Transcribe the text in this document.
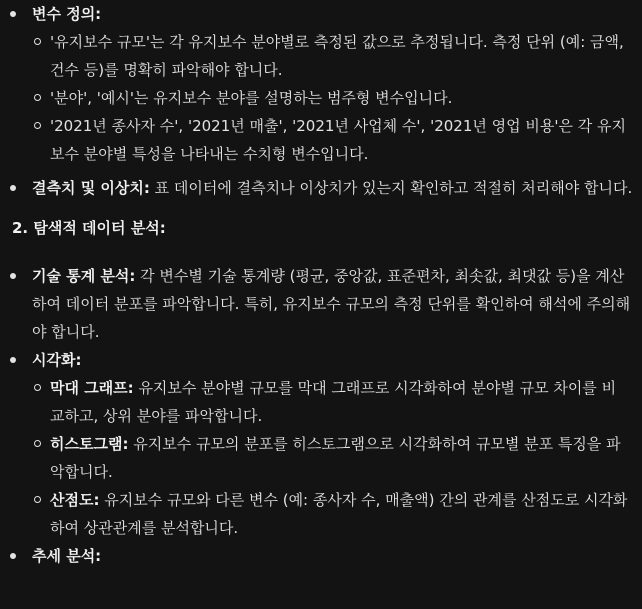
변수 정의:
'유지보수 규모'는 각 유지보수 분야별로 측정된 값으로 추정됩니다. 측정 단위 (예: 금액, 건수 등)를 명확히 파악해야 합니다.
'분야', '예시'는 유지보수 분야를 설명하는 범주형 변수입니다.
'2021년 종사자 수', '2021년 매출', '2021년 사업체 수', '2021년 영업 비용'은 각 유지보수 분야별 특성을 나타내는 수치형 변수입니다.
결측치 및 이상치: 표 데이터에 결측치나 이상치가 있는지 확인하고 적절히 처리해야 합니다.
2. 탐색적 데이터 분석:
기술 통계 분석: 각 변수별 기술 통계량 (평균, 중앙값, 표준편차, 최솟값, 최댓값 등)을 계산하여 데이터 분포를 파악합니다. 특히, 유지보수 규모의 측정 단위를 확인하여 해석에 주의해야 합니다.
시각화:
막대 그래프: 유지보수 분야별 규모를 막대 그래프로 시각화하여 분야별 규모 차이를 비교하고, 상위 분야를 파악합니다.
히스토그램: 유지보수 규모의 분포를 히스토그램으로 시각화하여 규모별 분포 특징을 파악합니다.
산점도: 유지보수 규모와 다른 변수 (예: 종사자 수, 매출액) 간의 관계를 산점도로 시각화하여 상관관계를 분석합니다.
추세 분석:
